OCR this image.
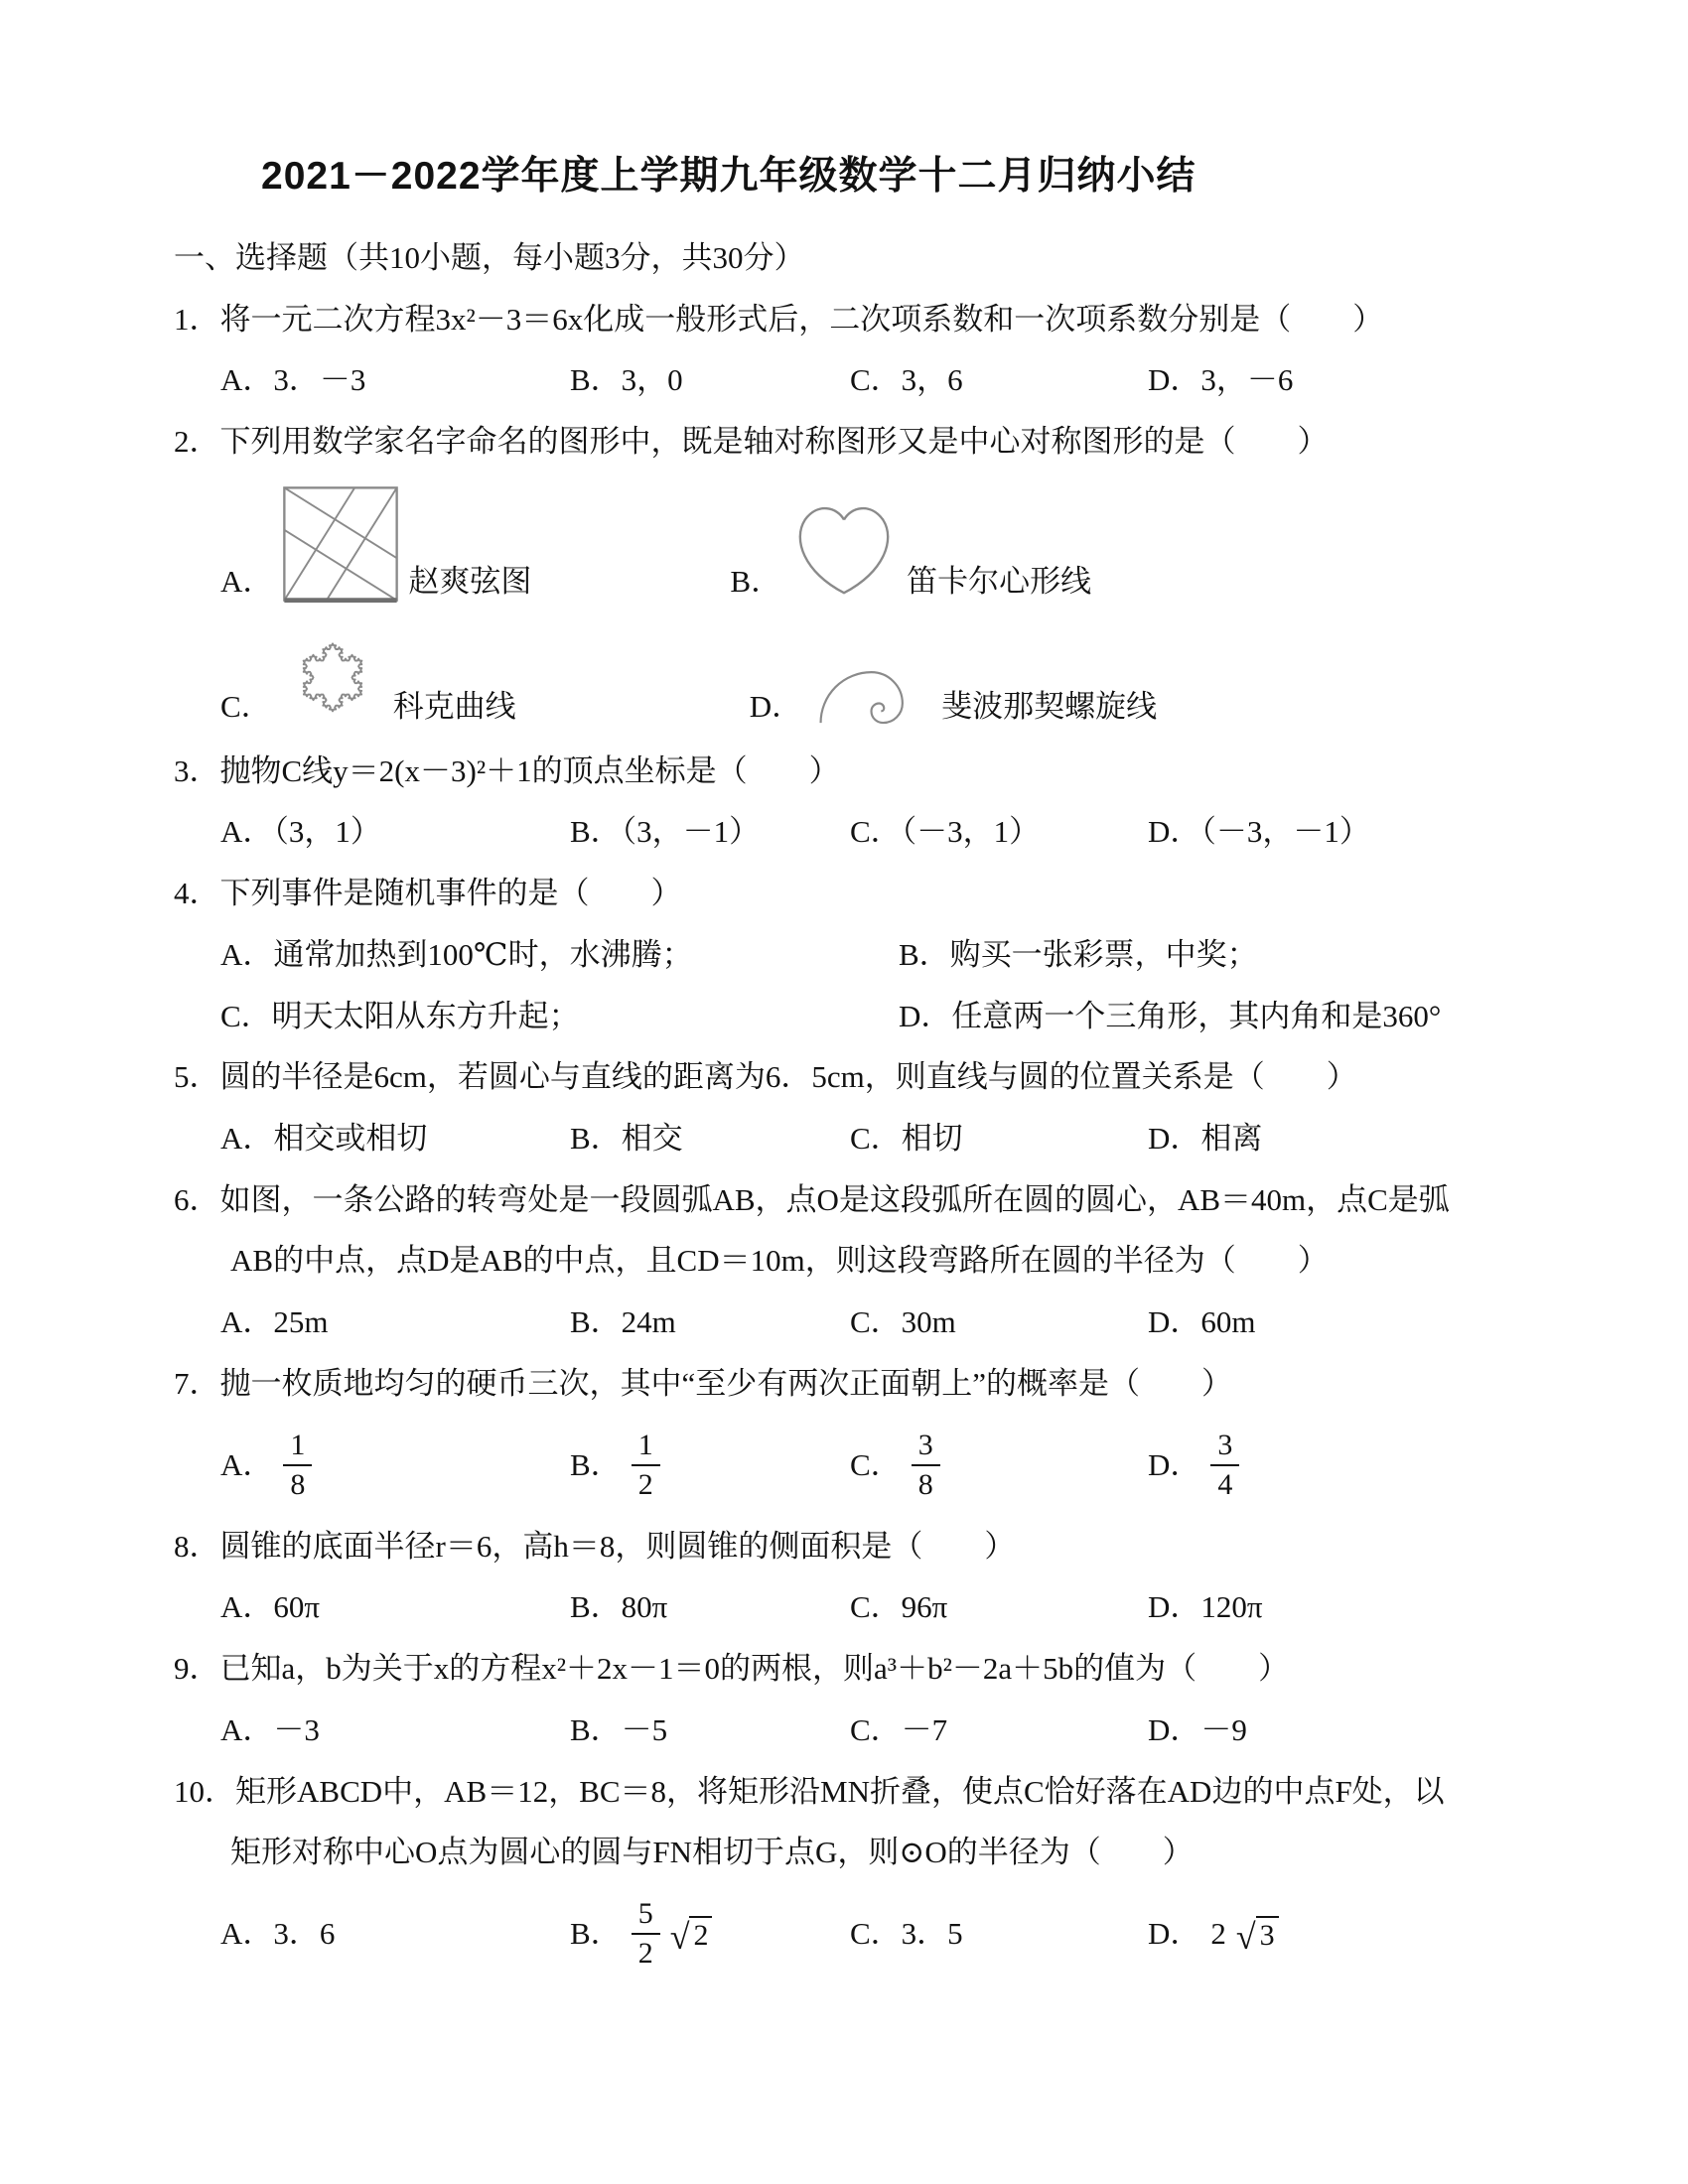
2021－2022学年度上学期九年级数学十二月归纳小结
一、选择题（共10小题，每小题3分，共30分）
1．将一元二次方程3x²－3＝6x化成一般形式后，二次项系数和一次项系数分别是（　　）
A．3．－3	B．3，0	C．3，6	D．3，－6
2．下列用数学家名字命名的图形中，既是轴对称图形又是中心对称图形的是（　　）
A．	赵爽弦图	B．	笛卡尔心形线
C．	科克曲线	D．	斐波那契螺旋线
3．抛物C线y＝2(x－3)²＋1的顶点坐标是（　　）
A．（3，1）	B．（3，－1）	C．（－3，1）	D．（－3，－1）
4．下列事件是随机事件的是（　　）
A．通常加热到100℃时，水沸腾；	B．购买一张彩票，中奖；
C．明天太阳从东方升起；	D．任意两一个三角形，其内角和是360°
5．圆的半径是6cm，若圆心与直线的距离为6．5cm，则直线与圆的位置关系是（　　）
A．相交或相切	B．相交	C．相切	D．相离
6．如图，一条公路的转弯处是一段圆弧AB，点O是这段弧所在圆的圆心，AB＝40m，点C是弧
AB的中点，点D是AB的中点，且CD＝10m，则这段弯路所在圆的半径为（　　）
A．25m	B．24m	C．30m	D．60m
7．抛一枚质地均匀的硬币三次，其中“至少有两次正面朝上”的概率是（　　）
A． $\frac{1}{8}$	B． $\frac{1}{2}$	C． $\frac{3}{8}$	D． $\frac{3}{4}$
8．圆锥的底面半径r＝6，高h＝8，则圆锥的侧面积是（　　）
A．60π	B．80π	C．96π	D．120π
9．已知a，b为关于x的方程x²＋2x－1＝0的两根，则a³＋b²－2a＋5b的值为（　　）
A．－3	B．－5	C．－7	D．－9
10．矩形ABCD中，AB＝12，BC＝8，将矩形沿MN折叠，使点C恰好落在AD边的中点F处，以
矩形对称中心O点为圆心的圆与FN相切于点G，则⊙O的半径为（　　）
A．3．6	B． $\frac{5}{2}$ √ 2	C．3．5	D． 2 √ 3
